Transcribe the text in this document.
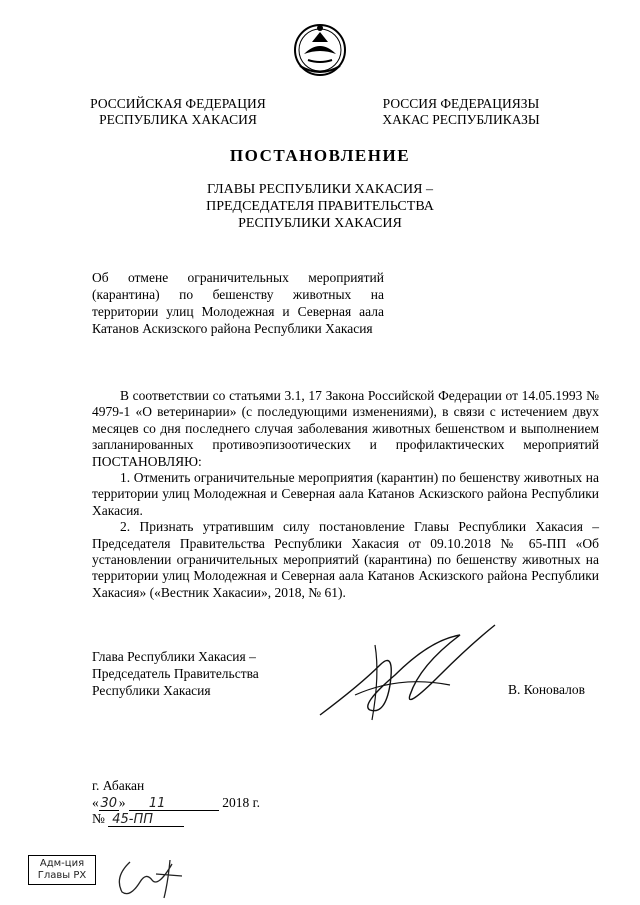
РОССИЙСКАЯ ФЕДЕРАЦИЯ
РЕСПУБЛИКА ХАКАСИЯ
РОССИЯ ФЕДЕРАЦИЯЗЫ
ХАКАС РЕСПУБЛИКАЗЫ
ПОСТАНОВЛЕНИЕ
ГЛАВЫ РЕСПУБЛИКИ ХАКАСИЯ –
ПРЕДСЕДАТЕЛЯ ПРАВИТЕЛЬСТВА
РЕСПУБЛИКИ ХАКАСИЯ
Об отмене ограничительных мероприятий (карантина) по бешенству животных на территории улиц Молодежная и Северная аала Катанов Аскизского района Республики Хакасия

В соответствии со статьями 3.1, 17 Закона Российской Федерации от 14.05.1993 № 4979-1 «О ветеринарии» (с последующими изменениями), в связи с истечением двух месяцев со дня последнего случая заболевания животных бешенством и выполнением запланированных противоэпизоотических и профилактических мероприятий ПОСТАНОВЛЯЮ:

1. Отменить ограничительные мероприятия (карантин) по бешенству животных на территории улиц Молодежная и Северная аала Катанов Аскизского района Республики Хакасия.

2. Признать утратившим силу постановление Главы Республики Хакасия – Председателя Правительства Республики Хакасия от 09.10.2018 № 65-ПП «Об установлении ограничительных мероприятий (карантина) по бешенству животных на территории улиц Молодежная и Северная аала Катанов Аскизского района Республики Хакасия» («Вестник Хакасии», 2018, № 61).

Глава Республики Хакасия –
Председатель Правительства
Республики Хакасия	В. Коновалов
г. Абакан
« 30 » 11	2018 г.
№ 45-ПП
Адм-ция
Главы РХ
